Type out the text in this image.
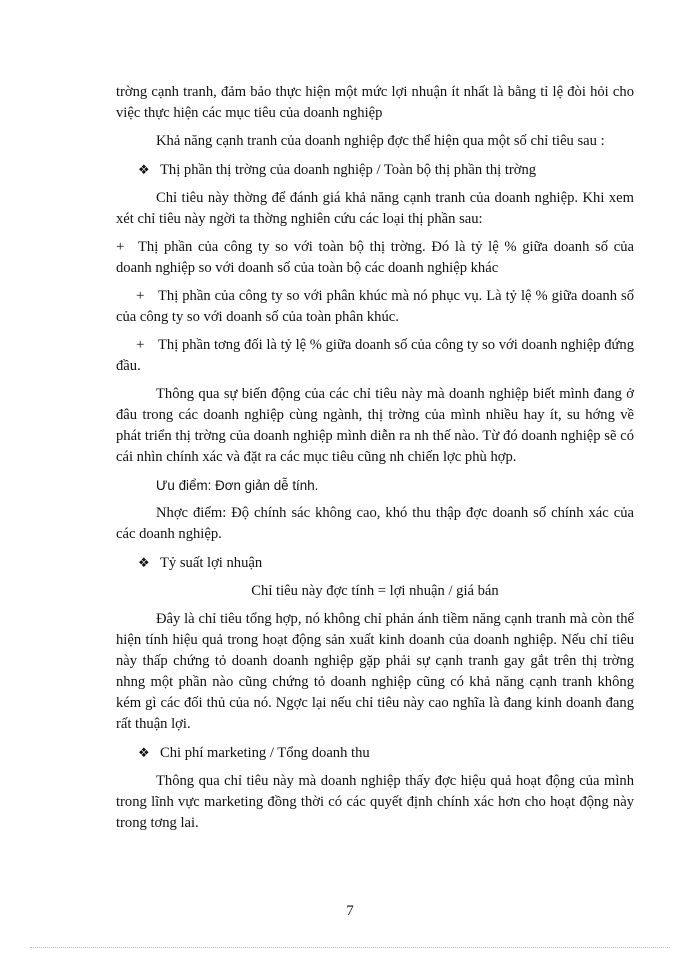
trờng cạnh tranh, đảm bảo thực hiện một mức lợi nhuận ít nhất là bằng tỉ lệ đòi hỏi cho việc thực hiện các mục tiêu của doanh nghiệp

Khả năng cạnh tranh của doanh nghiệp đợc thể hiện qua một số chỉ tiêu sau :

❖ Thị phần thị trờng của doanh nghiệp / Toàn bộ thị phần thị trờng

Chỉ tiêu này thờng để đánh giá khả năng cạnh tranh của doanh nghiệp. Khi xem xét chỉ tiêu này ngời ta thờng nghiên cứu các loại thị phần sau:

+ Thị phần của công ty so với toàn bộ thị trờng. Đó là tỷ lệ % giữa doanh số của doanh nghiệp so với doanh số của toàn bộ các doanh nghiệp khác

+ Thị phần của công ty so với phân khúc mà nó phục vụ. Là tỷ lệ % giữa doanh số của công ty so với doanh số của toàn phân khúc.

+ Thị phần tơng đối là tỷ lệ % giữa doanh số của công ty so với doanh nghiệp đứng đầu.

Thông qua sự biến động của các chỉ tiêu này mà doanh nghiệp biết mình đang ở đâu trong các doanh nghiệp cùng ngành, thị trờng của mình nhiều hay ít, su hớng về phát triển thị trờng của doanh nghiệp mình diễn ra nh thế nào. Từ đó doanh nghiệp sẽ có cái nhìn chính xác và đặt ra các mục tiêu cũng nh chiến lợc phù hợp.

Ưu điểm: Đơn giản dễ tính.

Nhợc điểm: Độ chính sác không cao, khó thu thập đợc doanh số chính xác của các doanh nghiệp.

❖ Tỷ suất lợi nhuận

Chỉ tiêu này đợc tính = lợi nhuận / giá bán

Đây là chỉ tiêu tổng hợp, nó không chỉ phản ánh tiềm năng cạnh tranh mà còn thể hiện tính hiệu quả trong hoạt động sản xuất kinh doanh của doanh nghiệp. Nếu chỉ tiêu này thấp chứng tỏ doanh doanh nghiệp gặp phải sự cạnh tranh gay gắt trên thị trờng nhng một phần nào cũng chứng tỏ doanh nghiệp cũng có khả năng cạnh tranh không kém gì các đối thủ của nó. Ngợc lại nếu chỉ tiêu này cao nghĩa là đang kinh doanh đang rất thuận lợi.

❖ Chi phí marketing / Tổng doanh thu

Thông qua chỉ tiêu này mà doanh nghiệp thấy đợc hiệu quả hoạt động của mình trong lĩnh vực marketing đồng thời có các quyết định chính xác hơn cho hoạt động này trong tơng lai.

7
